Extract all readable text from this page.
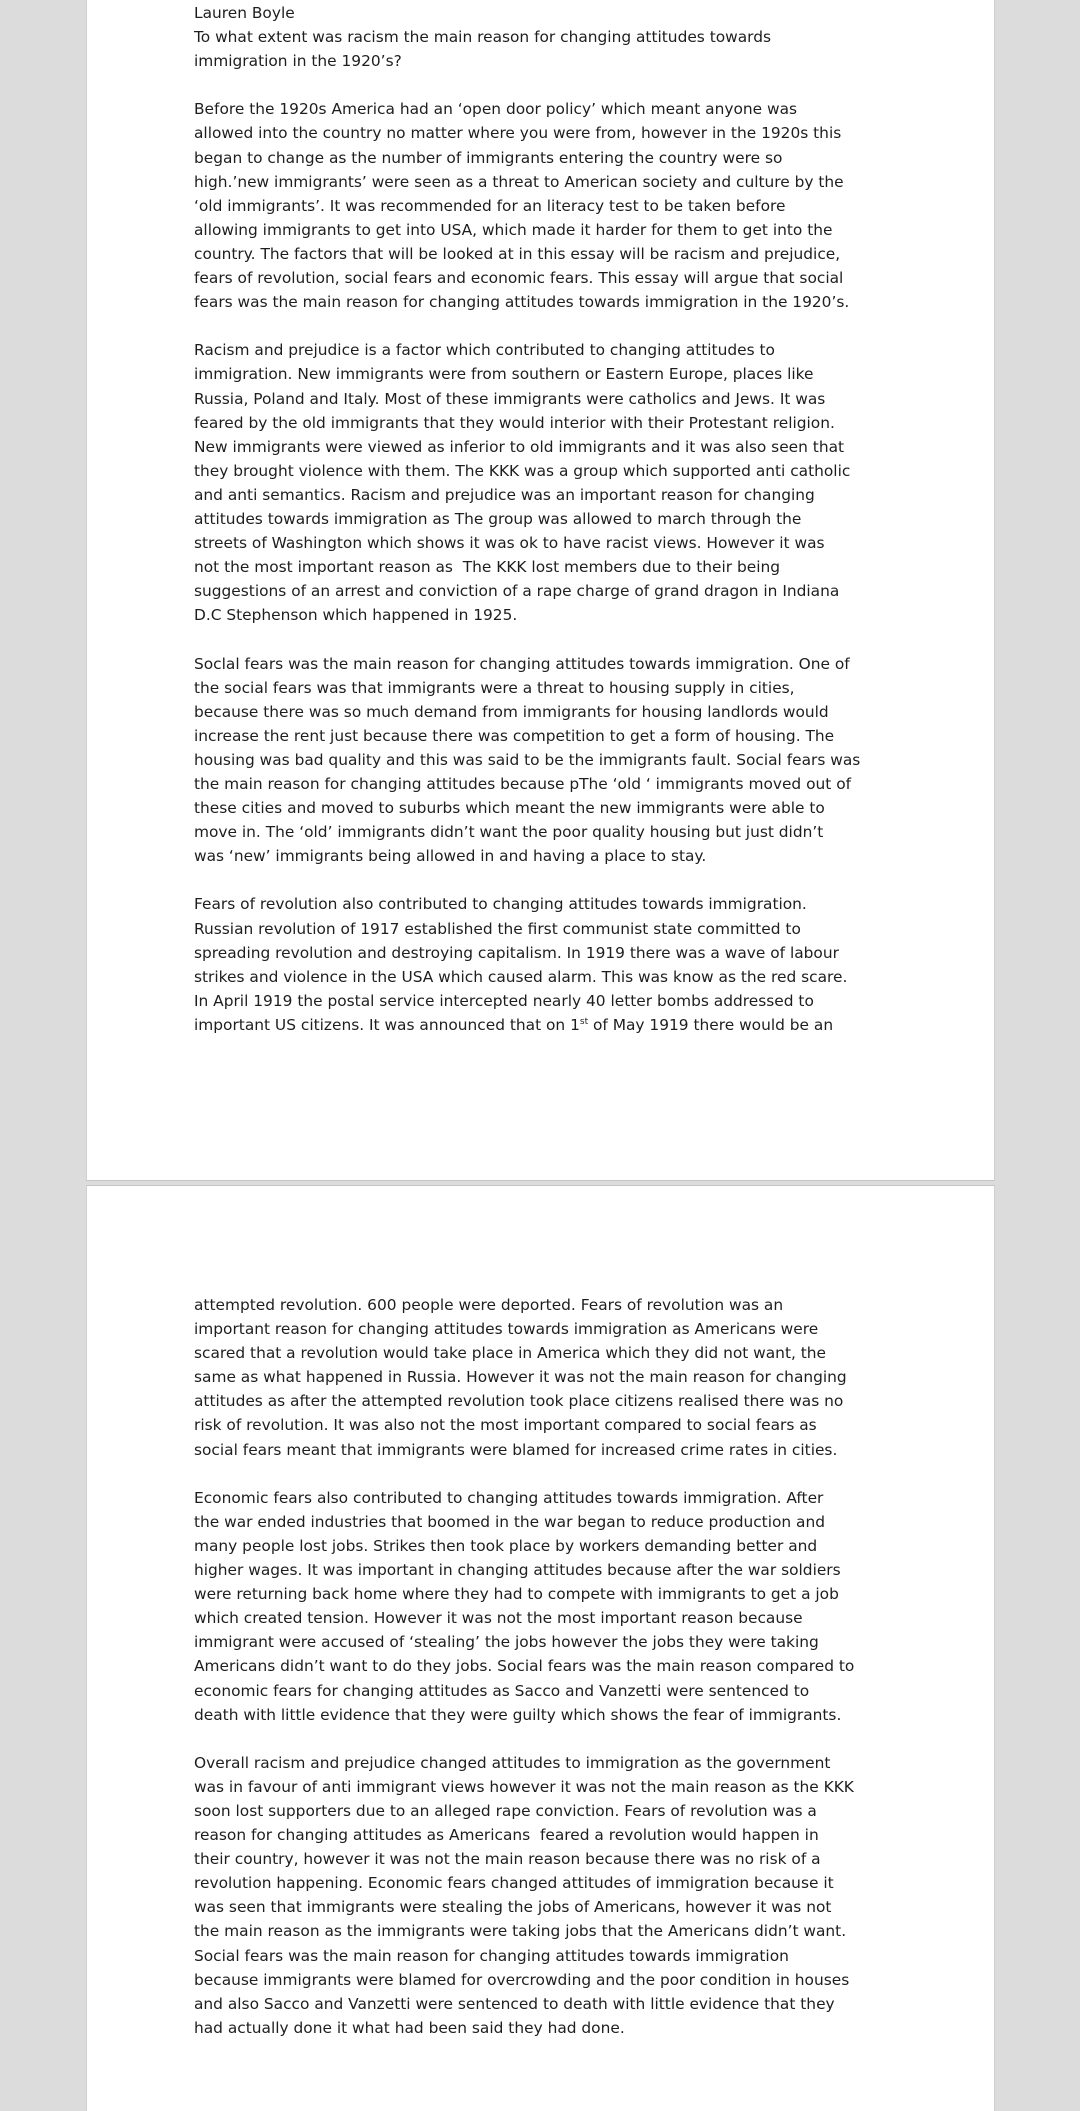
Lauren Boyle
To what extent was racism the main reason for changing attitudes towards
immigration in the 1920’s?

Before the 1920s America had an ‘open door policy’ which meant anyone was
allowed into the country no matter where you were from, however in the 1920s this
began to change as the number of immigrants entering the country were so
high.’new immigrants’ were seen as a threat to American society and culture by the
‘old immigrants’. It was recommended for an literacy test to be taken before
allowing immigrants to get into USA, which made it harder for them to get into the
country. The factors that will be looked at in this essay will be racism and prejudice,
fears of revolution, social fears and economic fears. This essay will argue that social
fears was the main reason for changing attitudes towards immigration in the 1920’s.

Racism and prejudice is a factor which contributed to changing attitudes to
immigration. New immigrants were from southern or Eastern Europe, places like
Russia, Poland and Italy. Most of these immigrants were catholics and Jews. It was
feared by the old immigrants that they would interior with their Protestant religion.
New immigrants were viewed as inferior to old immigrants and it was also seen that
they brought violence with them. The KKK was a group which supported anti catholic
and anti semantics. Racism and prejudice was an important reason for changing
attitudes towards immigration as The group was allowed to march through the
streets of Washington which shows it was ok to have racist views. However it was
not the most important reason as  The KKK lost members due to their being
suggestions of an arrest and conviction of a rape charge of grand dragon in Indiana
D.C Stephenson which happened in 1925.

Soclal fears was the main reason for changing attitudes towards immigration. One of
the social fears was that immigrants were a threat to housing supply in cities,
because there was so much demand from immigrants for housing landlords would
increase the rent just because there was competition to get a form of housing. The
housing was bad quality and this was said to be the immigrants fault. Social fears was
the main reason for changing attitudes because pThe ‘old ‘ immigrants moved out of
these cities and moved to suburbs which meant the new immigrants were able to
move in. The ‘old’ immigrants didn’t want the poor quality housing but just didn’t
was ‘new’ immigrants being allowed in and having a place to stay.

Fears of revolution also contributed to changing attitudes towards immigration.
Russian revolution of 1917 established the first communist state committed to
spreading revolution and destroying capitalism. In 1919 there was a wave of labour
strikes and violence in the USA which caused alarm. This was know as the red scare.
In April 1919 the postal service intercepted nearly 40 letter bombs addressed to

important US citizens. It was announced that on 1st of May 1919 there would be an

attempted revolution. 600 people were deported. Fears of revolution was an
important reason for changing attitudes towards immigration as Americans were
scared that a revolution would take place in America which they did not want, the
same as what happened in Russia. However it was not the main reason for changing
attitudes as after the attempted revolution took place citizens realised there was no
risk of revolution. It was also not the most important compared to social fears as
social fears meant that immigrants were blamed for increased crime rates in cities.

Economic fears also contributed to changing attitudes towards immigration. After
the war ended industries that boomed in the war began to reduce production and
many people lost jobs. Strikes then took place by workers demanding better and
higher wages. It was important in changing attitudes because after the war soldiers
were returning back home where they had to compete with immigrants to get a job
which created tension. However it was not the most important reason because
immigrant were accused of ‘stealing’ the jobs however the jobs they were taking
Americans didn’t want to do they jobs. Social fears was the main reason compared to
economic fears for changing attitudes as Sacco and Vanzetti were sentenced to
death with little evidence that they were guilty which shows the fear of immigrants.

Overall racism and prejudice changed attitudes to immigration as the government
was in favour of anti immigrant views however it was not the main reason as the KKK
soon lost supporters due to an alleged rape conviction. Fears of revolution was a
reason for changing attitudes as Americans  feared a revolution would happen in
their country, however it was not the main reason because there was no risk of a
revolution happening. Economic fears changed attitudes of immigration because it
was seen that immigrants were stealing the jobs of Americans, however it was not
the main reason as the immigrants were taking jobs that the Americans didn’t want.
Social fears was the main reason for changing attitudes towards immigration
because immigrants were blamed for overcrowding and the poor condition in houses
and also Sacco and Vanzetti were sentenced to death with little evidence that they
had actually done it what had been said they had done.
